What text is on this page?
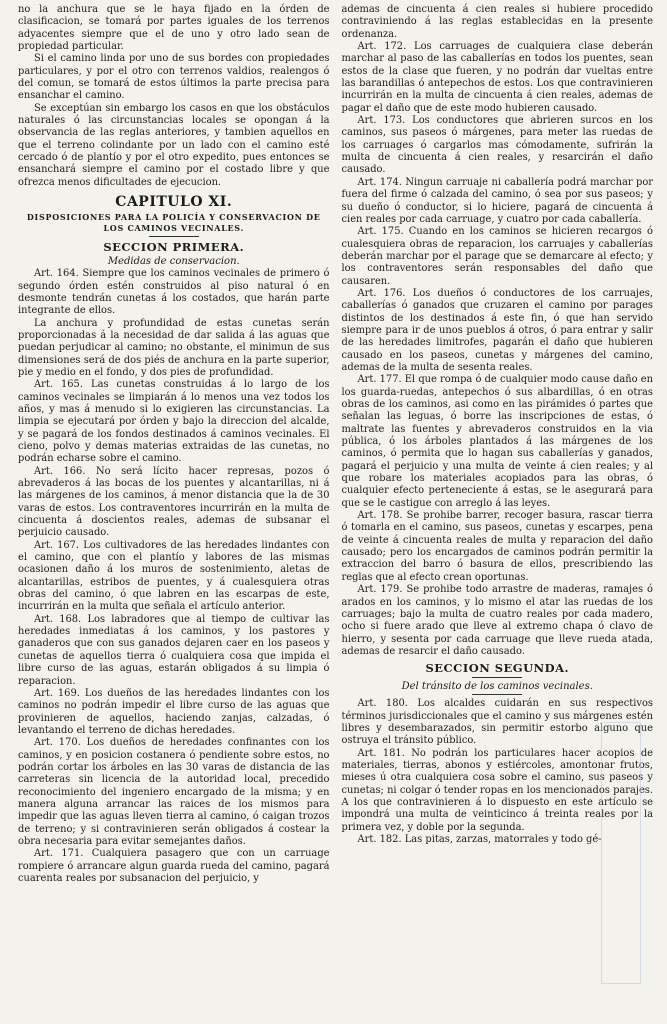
no la anchura que se le haya fijado en la órden de clasificacion, se tomará por partes iguales de los terrenos adyacentes siempre que el de uno y otro lado sean de propiedad particular.

Si el camino linda por uno de sus bordes con propiedades particulares, y por el otro con terrenos valdios, realengos ó del comun, se tomará de estos últimos la parte precisa para ensanchar el camino.

Se exceptúan sin embargo los casos en que los obstáculos naturales ó las circunstancias locales se opongan á la observancia de las reglas anteriores, y tambien aquellos en que el terreno colindante por un lado con el camino esté cercado ó de plantío y por el otro expedito, pues entonces se ensanchará siempre el camino por el costado libre y que ofrezca menos dificultades de ejecucion.

CAPITULO XI.
DISPOSICIONES PARA LA POLICÍA Y CONSERVACION DE LOS CAMINOS VECINALES.
SECCION PRIMERA.
Medidas de conservacion.

Art. 164. Siempre que los caminos vecinales de primero ó segundo órden estén construidos al piso natural ó en desmonte tendrán cunetas á los costados, que harán parte integrante de ellos.

La anchura y profundidad de estas cunetas serán proporcionadas á la necesidad de dar salida á las aguas que puedan perjudicar al camino; no obstante, el minimun de sus dimensiones será de dos piés de anchura en la parte superior, pie y medio en el fondo, y dos pies de profundidad.

Art. 165. Las cunetas construidas á lo largo de los caminos vecinales se limpiarán á lo menos una vez todos los años, y mas á menudo si lo exigieren las circunstancias. La limpia se ejecutará por órden y bajo la direccion del alcalde, y se pagará de los fondos destinados á caminos vecinales. El cieno, polvo y demas materias extraidas de las cunetas, no podrán echarse sobre el camino.

Art. 166. No será lícito hacer represas, pozos ó abrevaderos á las bocas de los puentes y alcantarillas, ni á las márgenes de los caminos, á menor distancia que la de 30 varas de estos. Los contraventores incurrirán en la multa de cincuenta á doscientos reales, ademas de subsanar el perjuicio causado.

Art. 167. Los cultivadores de las heredades lindantes con el camino, que con el plantío y labores de las mismas ocasionen daño á los muros de sostenimiento, aletas de alcantarillas, estribos de puentes, y á cualesquiera otras obras del camino, ó que labren en las escarpas de este, incurrirán en la multa que señala el artículo anterior.

Art. 168. Los labradores que al tiempo de cultivar las heredades inmediatas á los caminos, y los pastores y ganaderos que con sus ganados dejaren caer en los paseos y cunetas de aquellos tierra ó cualquiera cosa que impida el libre curso de las aguas, estarán obligados á su limpia ó reparacion.

Art. 169. Los dueños de las heredades lindantes con los caminos no podrán impedir el libre curso de las aguas que provinieren de aquellos, haciendo zanjas, calzadas, ó levantando el terreno de dichas heredades.

Art. 170. Los dueños de heredades confinantes con los caminos, y en posicion costanera ó pendiente sobre estos, no podrán cortar los árboles en las 30 varas de distancia de las carreteras sin licencia de la autoridad local, precedido reconocimiento del ingeniero encargado de la misma; y en manera alguna arrancar las raices de los mismos para impedir que las aguas lleven tierra al camino, ó caigan trozos de terreno; y si contravinieren serán obligados á costear la obra necesaria para evitar semejantes daños.

Art. 171. Cualquiera pasagero que con un carruage rompiere ó arrancare algun guarda rueda del camino, pagará cuarenta reales por subsanacion del perjuicio, y

ademas de cincuenta á cien reales si hubiere procedido contraviniendo á las reglas establecidas en la presente ordenanza.

Art. 172. Los carruages de cualquiera clase deberán marchar al paso de las caballerías en todos los puentes, sean estos de la clase que fueren, y no podrán dar vueltas entre las barandillas ó antepechos de estos. Los que contravinieren incurrirán en la multa de cincuenta á cien reales, ademas de pagar el daño que de este modo hubieren causado.

Art. 173. Los conductores que abrieren surcos en los caminos, sus paseos ó márgenes, para meter las ruedas de los carruages ó cargarlos mas cómodamente, sufrirán la multa de cincuenta á cien reales, y resarcirán el daño causado.

Art. 174. Ningun carruaje ni caballería podrá marchar por fuera del firme ó calzada del camino, ó sea por sus paseos; y su dueño ó conductor, si lo hiciere, pagará de cincuenta á cien reales por cada carruage, y cuatro por cada caballería.

Art. 175. Cuando en los caminos se hicieren recargos ó cualesquiera obras de reparacion, los carruajes y caballerías deberán marchar por el parage que se demarcare al efecto; y los contraventores serán responsables del daño que causaren.

Art. 176. Los dueños ó conductores de los carruajes, caballerías ó ganados que cruzaren el camino por parages distintos de los destinados á este fin, ó que han servido siempre para ir de unos pueblos á otros, ó para entrar y salir de las heredades limitrofes, pagarán el daño que hubieren causado en los paseos, cunetas y márgenes del camino, ademas de la multa de sesenta reales.

Art. 177. El que rompa ó de cualquier modo cause daño en los guarda-ruedas, antepechos ó sus albardillas, ó en otras obras de los caminos, asi como en las pirámides ó partes que señalan las leguas, ó borre las inscripciones de estas, ó maltrate las fuentes y abrevaderos construidos en la via pública, ó los árboles plantados á las márgenes de los caminos, ó permita que lo hagan sus caballerías y ganados, pagará el perjuicio y una multa de veinte á cien reales; y al que robare los materiales acopiados para las obras, ó cualquier efecto perteneciente á estas, se le asegurará para que se le castigue con arreglo á las leyes.

Art. 178. Se prohibe barrer, recoger basura, rascar tierra ó tomarla en el camino, sus paseos, cunetas y escarpes, pena de veinte á cincuenta reales de multa y reparacion del daño causado; pero los encargados de caminos podrán permitir la extraccion del barro ó basura de ellos, prescribiendo las reglas que al efecto crean oportunas.

Art. 179. Se prohibe todo arrastre de maderas, ramajes ó arados en los caminos, y lo mismo el atar las ruedas de los carruages; bajo la multa de cuatro reales por cada madero, ocho si fuere arado que lleve al extremo chapa ó clavo de hierro, y sesenta por cada carruage que lleve rueda atada, ademas de resarcir el daño causado.

SECCION SEGUNDA.
Del tránsito de los caminos vecinales.

Art. 180. Los alcaldes cuidarán en sus respectivos términos jurisdiccionales que el camino y sus márgenes estén libres y desembarazados, sin permitir estorbo alguno que ostruya el tránsito público.

Art. 181. No podrán los particulares hacer acopios de materiales, tierras, abonos y estiércoles, amontonar frutos, mieses ú otra cualquiera cosa sobre el camino, sus paseos y cunetas; ni colgar ó tender ropas en los mencionados parajes. A los que contravinieren á lo dispuesto en este artículo se impondrá una multa de veinticinco á treinta reales por la primera vez, y doble por la segunda.

Art. 182. Las pitas, zarzas, matorrales y todo gé-
